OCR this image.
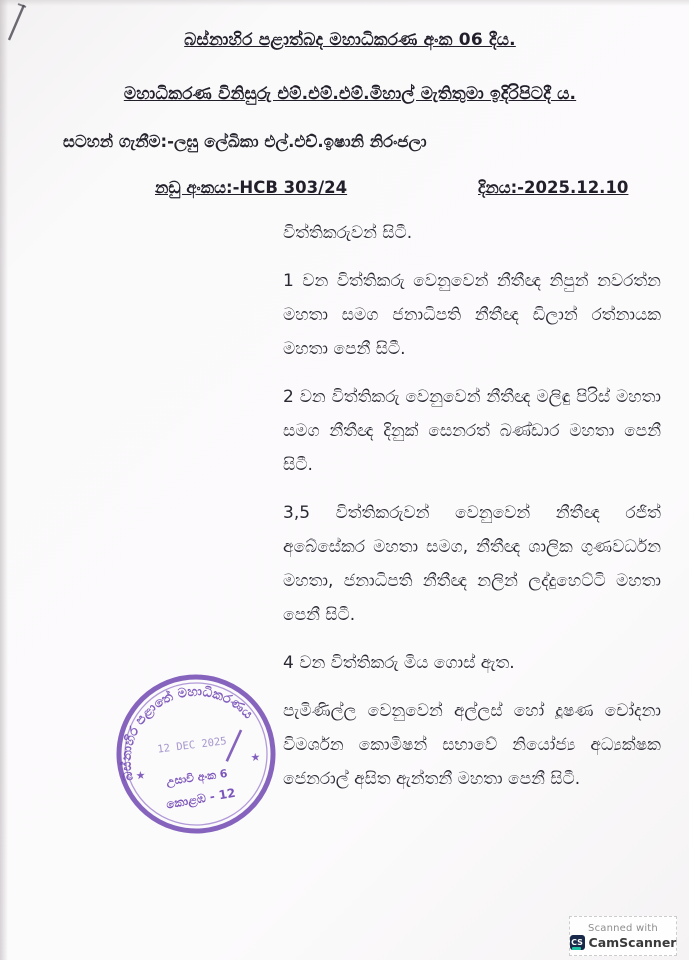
බස්නාහිර පළාත්බද මහාධිකරණ අංක 06 දීය.
මහාධිකරණ විනිසුරු එම්.එම්.එම්.මිහාල් මැතිතුමා ඉදිරිපිටදී ය.
සටහන් ගැනීම:-ලඝු ලේඛිකා එල්.එච්.ඉෂානි නිරංජලා
නඩු අංකය:-HCB 303/24	දිනය:-2025.12.10

විත්තිකරුවන් සිටී.

1 වන විත්තිකරු වෙනුවෙන් නීතීඥ නිපුන් නවරත්න මහතා සමග ජනාධිපති නීතීඥ ඩිලාන් රත්නායක මහතා පෙනී සිටී.

2 වන විත්තිකරු වෙනුවෙන් නීතීඥ මලිඳු පිරිස් මහතා සමග නීතීඥ දිනුක් සෙනරත් බණ්ඩාර මහතා පෙනී සිටී.

3,5 විත්තිකරුවන් වෙනුවෙන් නීතීඥ රජිත් අබේසේකර මහතා සමග, නීතීඥ ශාලික ගුණවර්ධන මහතා, ජනාධිපති නීතීඥ නලින් ලද්දුහෙට්ටි මහතා පෙනී සිටී.

4 වන විත්තිකරු මිය ගොස් ඇත.

පැමිණිල්ල වෙනුවෙන් අල්ලස් හෝ දූෂණ චෝදනා විමර්ශන කොමිෂන් සභාවේ නියෝජ්‍ය අධ්‍යක්ෂක ජෙනරාල් අසිත ඇන්තනී මහතා පෙනී සිටී.

බස්නාහිර පළාතේ මහාධිකරණය
★
★
12 DEC 2025
උසාවි අංක 6
කොළඹ - 12
Scanned with
CS CamScanner
